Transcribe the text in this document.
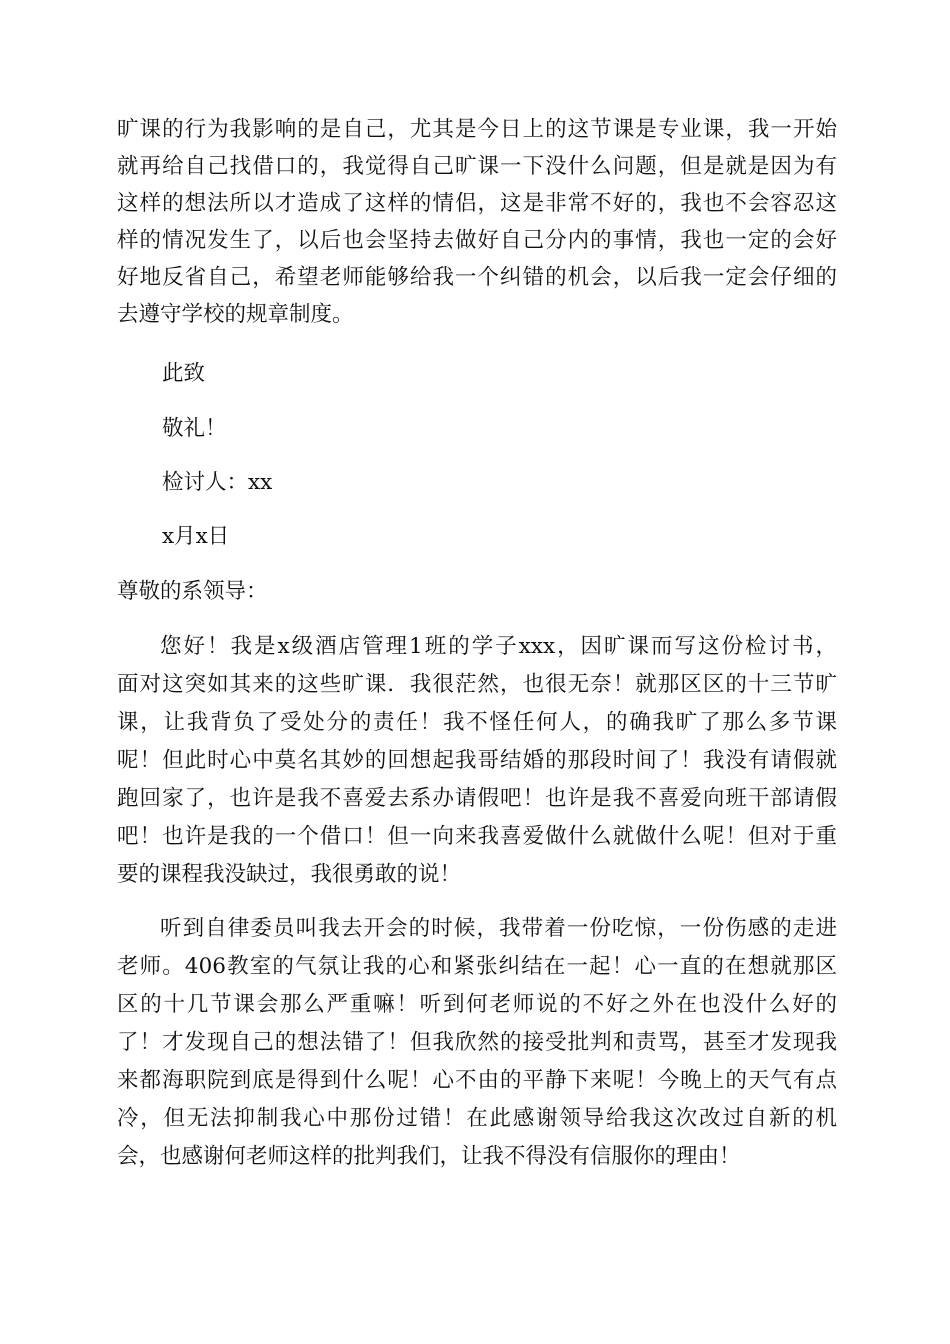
旷课的行为我影响的是自己，尤其是今日上的这节课是专业课，我一开始
就再给自己找借口的，我觉得自己旷课一下没什么问题，但是就是因为有
这样的想法所以才造成了这样的情侣，这是非常不好的，我也不会容忍这
样的情况发生了，以后也会坚持去做好自己分内的事情，我也一定的会好
好地反省自己，希望老师能够给我一个纠错的机会，以后我一定会仔细的
去遵守学校的规章制度。
此致
敬礼！
检讨人：xx
x月x日
尊敬的系领导：
您好！我是x级酒店管理1班的学子xxx，因旷课而写这份检讨书，
面对这突如其来的这些旷课．我很茫然，也很无奈！就那区区的十三节旷
课，让我背负了受处分的责任！我不怪任何人，的确我旷了那么多节课
呢！但此时心中莫名其妙的回想起我哥结婚的那段时间了！我没有请假就
跑回家了，也许是我不喜爱去系办请假吧！也许是我不喜爱向班干部请假
吧！也许是我的一个借口！但一向来我喜爱做什么就做什么呢！但对于重
要的课程我没缺过，我很勇敢的说！
听到自律委员叫我去开会的时候，我带着一份吃惊，一份伤感的走进
老师。406教室的气氛让我的心和紧张纠结在一起！心一直的在想就那区
区的十几节课会那么严重嘛！听到何老师说的不好之外在也没什么好的
了！才发现自己的想法错了！但我欣然的接受批判和责骂，甚至才发现我
来都海职院到底是得到什么呢！心不由的平静下来呢！今晚上的天气有点
冷，但无法抑制我心中那份过错！在此感谢领导给我这次改过自新的机
会，也感谢何老师这样的批判我们，让我不得没有信服你的理由！
